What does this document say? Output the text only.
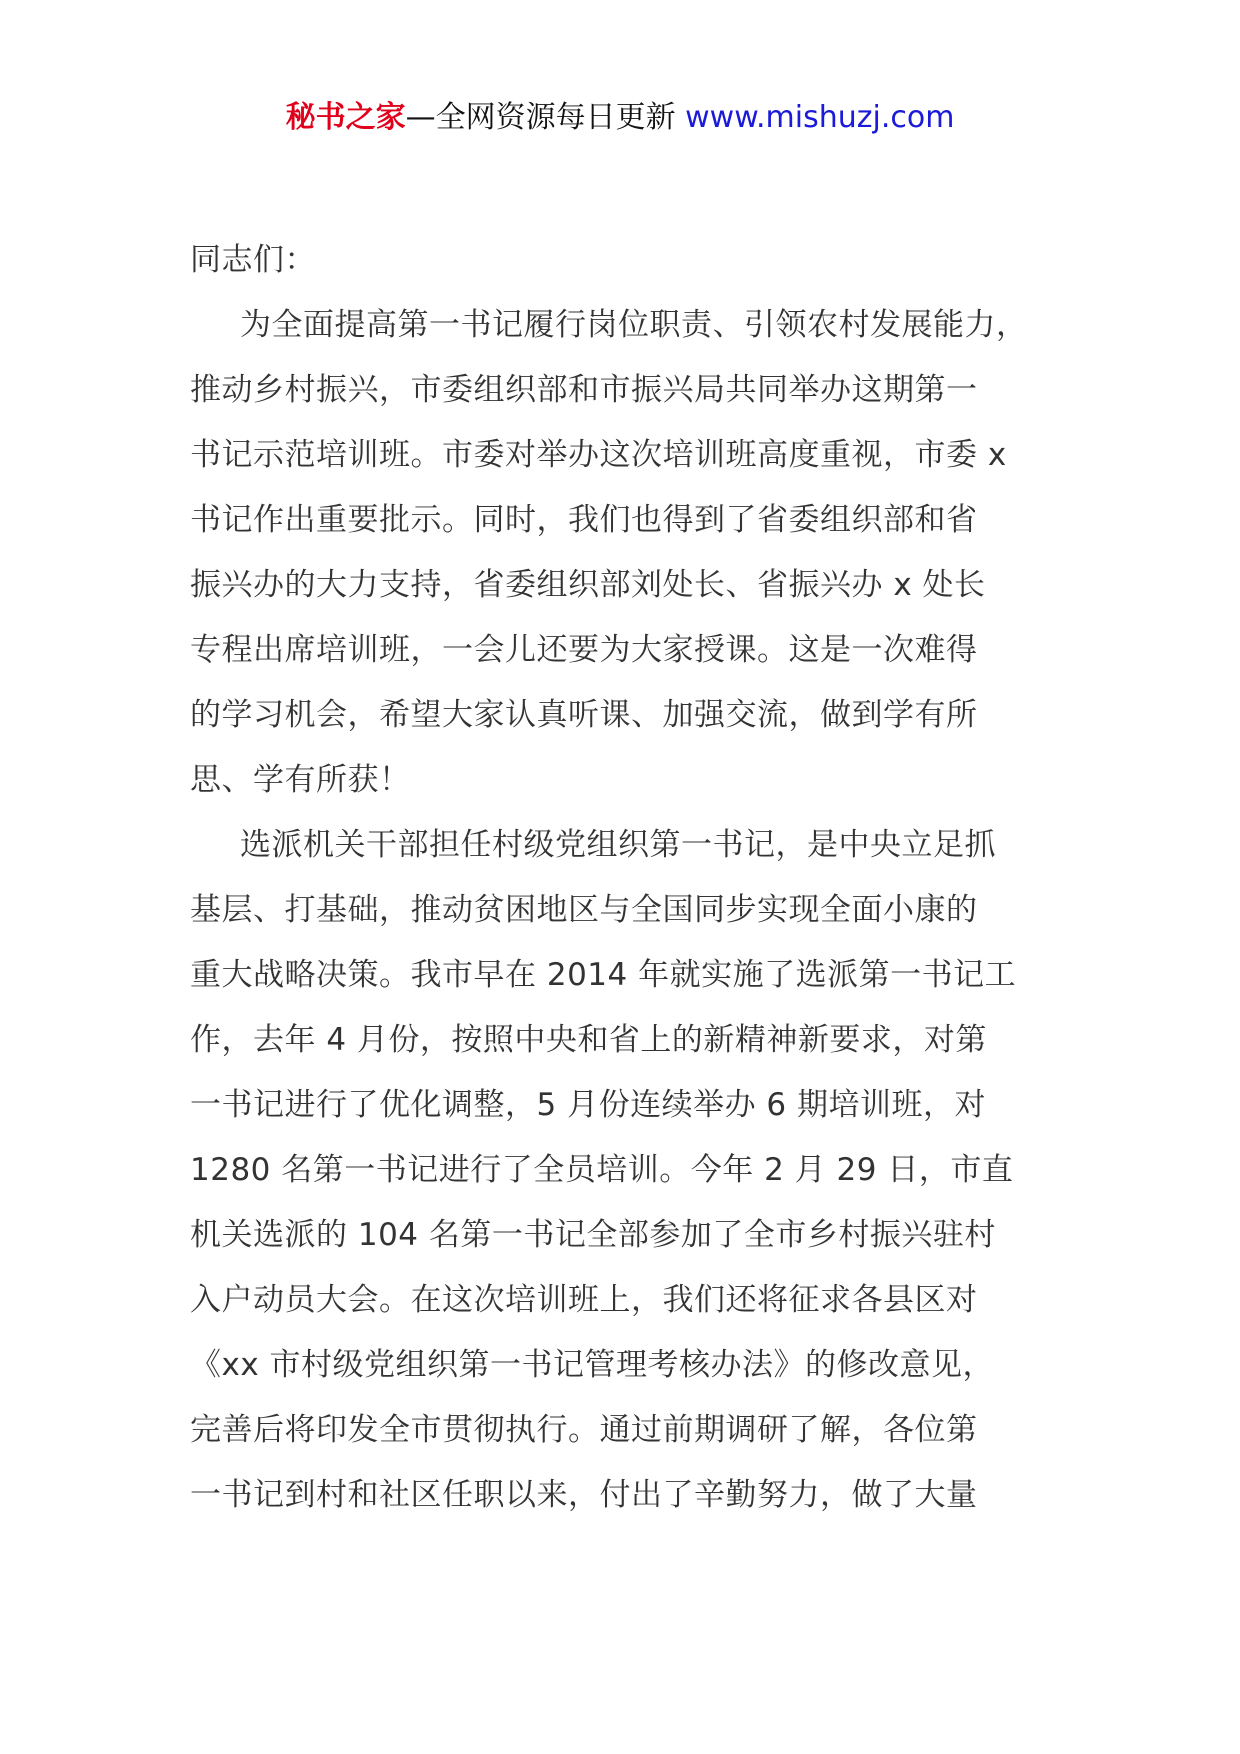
秘书之家—全网资源每日更新 www.mishuzj.com

同志们：

为全面提高第一书记履行岗位职责、引领农村发展能力，
推动乡村振兴，市委组织部和市振兴局共同举办这期第一
书记示范培训班。市委对举办这次培训班高度重视，市委 x
书记作出重要批示。同时，我们也得到了省委组织部和省
振兴办的大力支持，省委组织部刘处长、省振兴办 x 处长
专程出席培训班，一会儿还要为大家授课。这是一次难得
的学习机会，希望大家认真听课、加强交流，做到学有所
思、学有所获！

选派机关干部担任村级党组织第一书记，是中央立足抓
基层、打基础，推动贫困地区与全国同步实现全面小康的
重大战略决策。我市早在 2014 年就实施了选派第一书记工
作，去年 4 月份，按照中央和省上的新精神新要求，对第
一书记进行了优化调整，5 月份连续举办 6 期培训班，对
1280 名第一书记进行了全员培训。今年 2 月 29 日，市直
机关选派的 104 名第一书记全部参加了全市乡村振兴驻村
入户动员大会。在这次培训班上，我们还将征求各县区对
《xx 市村级党组织第一书记管理考核办法》的修改意见，
完善后将印发全市贯彻执行。通过前期调研了解，各位第
一书记到村和社区任职以来，付出了辛勤努力，做了大量
